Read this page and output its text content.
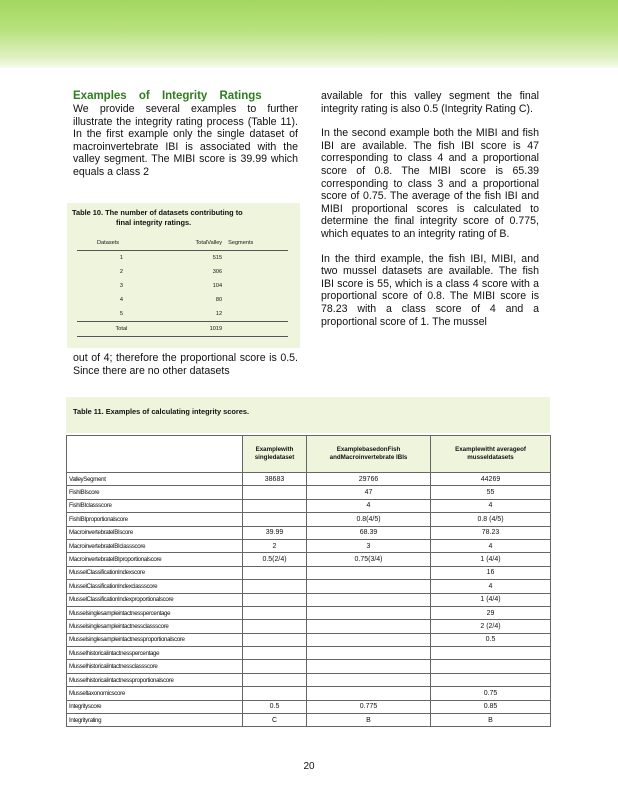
Examples of Integrity Ratings

We provide several examples to further illustrate the integrity rating process (Table 11). In the first example only the single dataset of macroinvertebrate IBI is associated with the valley segment. The MIBI score is 39.99 which equals a class 2

Table 10. The number of datasets contributing to
final integrity ratings.
Datasets	TotalValley	Segments
1	515	
2	306	
3	104	
4	80	
5	12	
Total	1019	

out of 4; therefore the proportional score is 0.5. Since there are no other datasets

available for this valley segment the final integrity rating is also 0.5 (Integrity Rating C).

In the second example both the MIBI and fish IBI are available. The fish IBI score is 47 corresponding to class 4 and a proportional score of 0.8. The MIBI score is 65.39 corresponding to class 3 and a proportional score of 0.75. The average of the fish IBI and MIBI proportional scores is calculated to determine the final integrity score of 0.775, which equates to an integrity rating of B.

In the third example, the fish IBI, MIBI, and two mussel datasets are available. The fish IBI score is 55, which is a class 4 score with a proportional score of 0.8. The MIBI score is 78.23 with a class score of 4 and a proportional score of 1. The mussel

Table 11. Examples of calculating integrity scores.
	Examplewith singledataset	ExamplebasedonFish andMacroinvertebrate IBIs	Examplewitht averageof musseldatasets
ValleySegment	38683	29766	44269
FishIBIscore		47	55
FishIBIclassscore		4	4
FishIBIproportionalscore		0.8(4/5)	0.8 (4/5)
MacroinvertebrateIBIscore	39.99	68.39	78.23
MacroinvertebrateIBIclassscore	2	3	4
MacroinvertebrateIBIproportionalscore	0.5(2/4)	0.75(3/4)	1 (4/4)
MusselClassificationIndexscore			16
MusselClassificationIndexclassscore			4
MusselClassificationIndexproportionalscore			1 (4/4)
Musselsinglesampleintactnesspercentage			29
Musselsinglesampleintactnessclassscore			2 (2/4)
Musselsinglesampleintactnessproportionalscore			0.5
Musselhistoricalintactnesspercentage			
Musselhistoricalintactnessclassscore			
Musselhistoricalintactnessproportionalscore			
Musseltaxonomicscore			0.75
Integrityscore	0.5	0.775	0.85
Integrityrating	C	B	B
20
